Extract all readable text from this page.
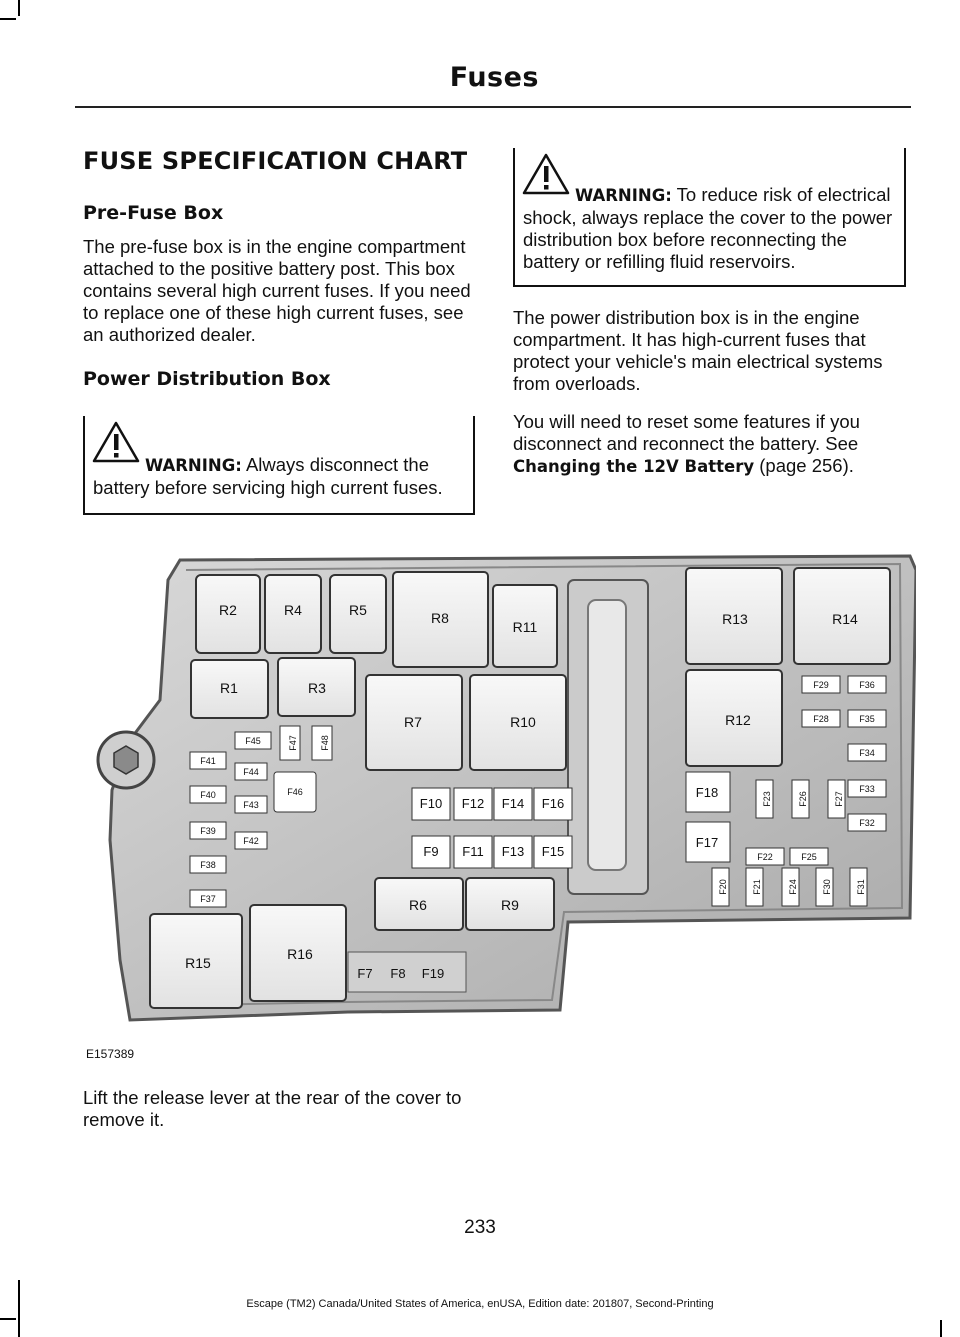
Fuses
FUSE SPECIFICATION CHART
Pre-Fuse Box

The pre-fuse box is in the engine compartment attached to the positive battery post. This box contains several high current fuses. If you need to replace one of these high current fuses, see an authorized dealer.

Power Distribution Box

WARNING: Always disconnect the battery before servicing high current fuses.

WARNING: To reduce risk of electrical shock, always replace the cover to the power distribution box before reconnecting the battery or refilling fluid reservoirs.

The power distribution box is in the engine compartment. It has high-current fuses that protect your vehicle's main electrical systems from overloads.

You will need to reset some features if you disconnect and reconnect the battery. See Changing the 12V Battery (page 256).

R2	R4	R5	R8
R11	R13	R14
R1	R3
R7	R10	R12
F41
F40
F39
F38
F37
F45
F44
F43
F42
F46
F47 F48
F10 F12 F14 F16
F9 F11 F13 F15
R6	R9
R15
R16
F7 F8 F19
F18
F17
F29	F36
F28	F35
F34
F33
F32
F22	F25
F23	F26	F27
F20	F21	F24	F30	F31
E157389

Lift the release lever at the rear of the cover to remove it.

233
Escape (TM2) Canada/United States of America, enUSA, Edition date: 201807, Second-Printing
